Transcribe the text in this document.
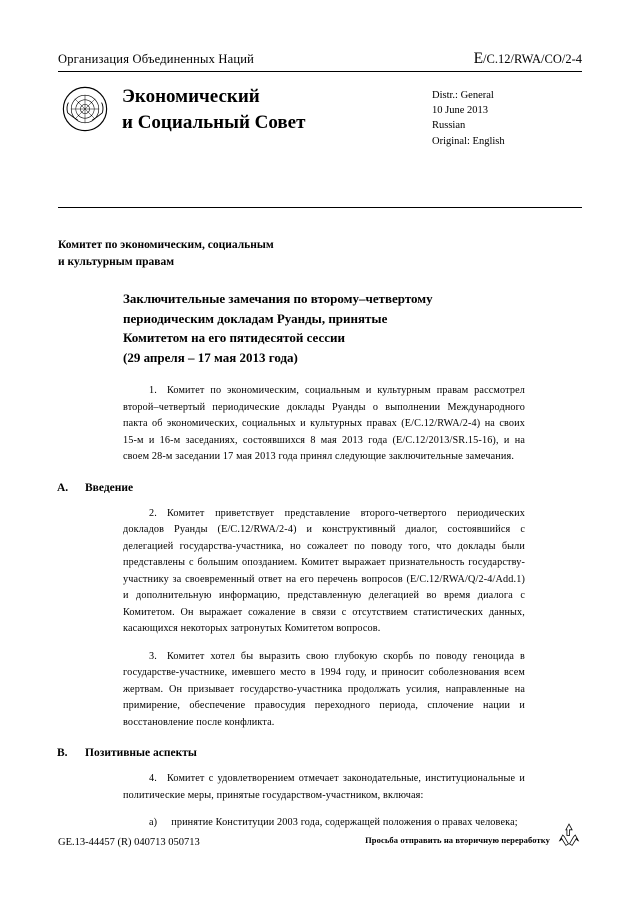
Организация Объединенных Наций	E/C.12/RWA/CO/2-4
Экономический
и Социальный Совет
Distr.: General
10 June 2013
Russian
Original: English
Комитет по экономическим, социальным
и культурным правам
Заключительные замечания по второму–четвертому
периодическим докладам Руанды, принятые
Комитетом на его пятидесятой сессии
(29 апреля – 17 мая 2013 года)

1. Комитет по экономическим, социальным и культурным правам рассмотрел второй–четвертый периодические доклады Руанды о выполнении Международного пакта об экономических, социальных и культурных правах (E/C.12/RWA/2-4) на своих 15-м и 16-м заседаниях, состоявшихся 8 мая 2013 года (E/C.12/2013/SR.15-16), и на своем 28-м заседании 17 мая 2013 года принял следующие заключительные замечания.

A. Введение

2. Комитет приветствует представление второго-четвертого периодических докладов Руанды (E/C.12/RWA/2-4) и конструктивный диалог, состоявшийся с делегацией государства-участника, но сожалеет по поводу того, что доклады были представлены с большим опозданием. Комитет выражает признательность государству-участнику за своевременный ответ на его перечень вопросов (E/C.12/RWA/Q/2-4/Add.1) и дополнительную информацию, представленную делегацией во время диалога с Комитетом. Он выражает сожаление в связи с отсутствием статистических данных, касающихся некоторых затронутых Комитетом вопросов.

3. Комитет хотел бы выразить свою глубокую скорбь по поводу геноцида в государстве-участнике, имевшего место в 1994 году, и приносит соболезнования всем жертвам. Он призывает государство-участника продолжать усилия, направленные на примирение, обеспечение правосудия переходного периода, сплочение нации и восстановление после конфликта.

B. Позитивные аспекты

4. Комитет с удовлетворением отмечает законодательные, институциональные и политические меры, принятые государством-участником, включая:

a) принятие Конституции 2003 года, содержащей положения о правах человека;

GE.13-44457 (R) 040713 050713	Просьба отправить на вторичную переработку
